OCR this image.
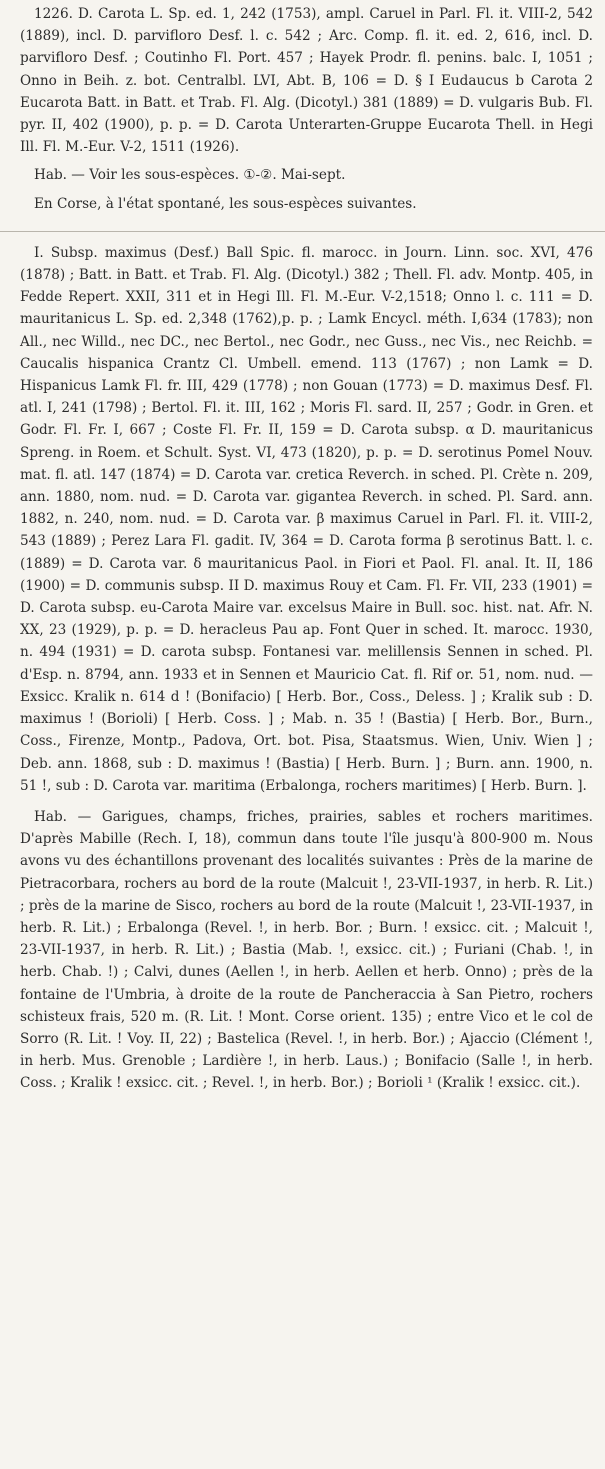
1226. D. Carota L. Sp. ed. 1, 242 (1753), ampl. Caruel in Parl. Fl. it. VIII-2, 542 (1889), incl. D. parvifloro Desf. l. c. 542 ; Arc. Comp. fl. it. ed. 2, 616, incl. D. parvifloro Desf. ; Coutinho Fl. Port. 457 ; Hayek Prodr. fl. penins. balc. I, 1051 ; Onno in Beih. z. bot. Centralbl. LVI, Abt. B, 106 = D. § I Eudaucus b Carota 2 Eucarota Batt. in Batt. et Trab. Fl. Alg. (Dicotyl.) 381 (1889) = D. vulgaris Bub. Fl. pyr. II, 402 (1900), p. p. = D. Carota Unterarten-Gruppe Eucarota Thell. in Hegi Ill. Fl. M.-Eur. V-2, 1511 (1926).

Hab. — Voir les sous-espèces. ①-②. Mai-sept.

En Corse, à l'état spontané, les sous-espèces suivantes.

I. Subsp. maximus (Desf.) Ball Spic. fl. marocc. in Journ. Linn. soc. XVI, 476 (1878) ; Batt. in Batt. et Trab. Fl. Alg. (Dicotyl.) 382 ; Thell. Fl. adv. Montp. 405, in Fedde Repert. XXII, 311 et in Hegi Ill. Fl. M.-Eur. V-2,1518; Onno l. c. 111 = D. mauritanicus L. Sp. ed. 2,348 (1762),p. p. ; Lamk Encycl. méth. I,634 (1783); non All., nec Willd., nec DC., nec Bertol., nec Godr., nec Guss., nec Vis., nec Reichb. = Caucalis hispanica Crantz Cl. Umbell. emend. 113 (1767) ; non Lamk = D. Hispanicus Lamk Fl. fr. III, 429 (1778) ; non Gouan (1773) = D. maximus Desf. Fl. atl. I, 241 (1798) ; Bertol. Fl. it. III, 162 ; Moris Fl. sard. II, 257 ; Godr. in Gren. et Godr. Fl. Fr. I, 667 ; Coste Fl. Fr. II, 159 = D. Carota subsp. α D. mauritanicus Spreng. in Roem. et Schult. Syst. VI, 473 (1820), p. p. = D. serotinus Pomel Nouv. mat. fl. atl. 147 (1874) = D. Carota var. cretica Reverch. in sched. Pl. Crète n. 209, ann. 1880, nom. nud. = D. Carota var. gigantea Reverch. in sched. Pl. Sard. ann. 1882, n. 240, nom. nud. = D. Carota var. β maximus Caruel in Parl. Fl. it. VIII-2, 543 (1889) ; Perez Lara Fl. gadit. IV, 364 = D. Carota forma β serotinus Batt. l. c. (1889) = D. Carota var. δ mauritanicus Paol. in Fiori et Paol. Fl. anal. It. II, 186 (1900) = D. communis subsp. II D. maximus Rouy et Cam. Fl. Fr. VII, 233 (1901) = D. Carota subsp. eu-Carota Maire var. excelsus Maire in Bull. soc. hist. nat. Afr. N. XX, 23 (1929), p. p. = D. heracleus Pau ap. Font Quer in sched. It. marocc. 1930, n. 494 (1931) = D. carota subsp. Fontanesi var. melillensis Sennen in sched. Pl. d'Esp. n. 8794, ann. 1933 et in Sennen et Mauricio Cat. fl. Rif or. 51, nom. nud. — Exsicc. Kralik n. 614 d ! (Bonifacio) [ Herb. Bor., Coss., Deless. ] ; Kralik sub : D. maximus ! (Borioli) [ Herb. Coss. ] ; Mab. n. 35 ! (Bastia) [ Herb. Bor., Burn., Coss., Firenze, Montp., Padova, Ort. bot. Pisa, Staatsmus. Wien, Univ. Wien ] ; Deb. ann. 1868, sub : D. maximus ! (Bastia) [ Herb. Burn. ] ; Burn. ann. 1900, n. 51 !, sub : D. Carota var. maritima (Erbalonga, rochers maritimes) [ Herb. Burn. ].

Hab. — Garigues, champs, friches, prairies, sables et rochers maritimes. D'après Mabille (Rech. I, 18), commun dans toute l'île jusqu'à 800-900 m. Nous avons vu des échantillons provenant des localités suivantes : Près de la marine de Pietracorbara, rochers au bord de la route (Malcuit !, 23-VII-1937, in herb. R. Lit.) ; près de la marine de Sisco, rochers au bord de la route (Malcuit !, 23-VII-1937, in herb. R. Lit.) ; Erbalonga (Revel. !, in herb. Bor. ; Burn. ! exsicc. cit. ; Malcuit !, 23-VII-1937, in herb. R. Lit.) ; Bastia (Mab. !, exsicc. cit.) ; Furiani (Chab. !, in herb. Chab. !) ; Calvi, dunes (Aellen !, in herb. Aellen et herb. Onno) ; près de la fontaine de l'Umbria, à droite de la route de Pancheraccia à San Pietro, rochers schisteux frais, 520 m. (R. Lit. ! Mont. Corse orient. 135) ; entre Vico et le col de Sorro (R. Lit. ! Voy. II, 22) ; Bastelica (Revel. !, in herb. Bor.) ; Ajaccio (Clément !, in herb. Mus. Grenoble ; Lardière !, in herb. Laus.) ; Bonifacio (Salle !, in herb. Coss. ; Kralik ! exsicc. cit. ; Revel. !, in herb. Bor.) ; Borioli ¹ (Kralik ! exsicc. cit.).
